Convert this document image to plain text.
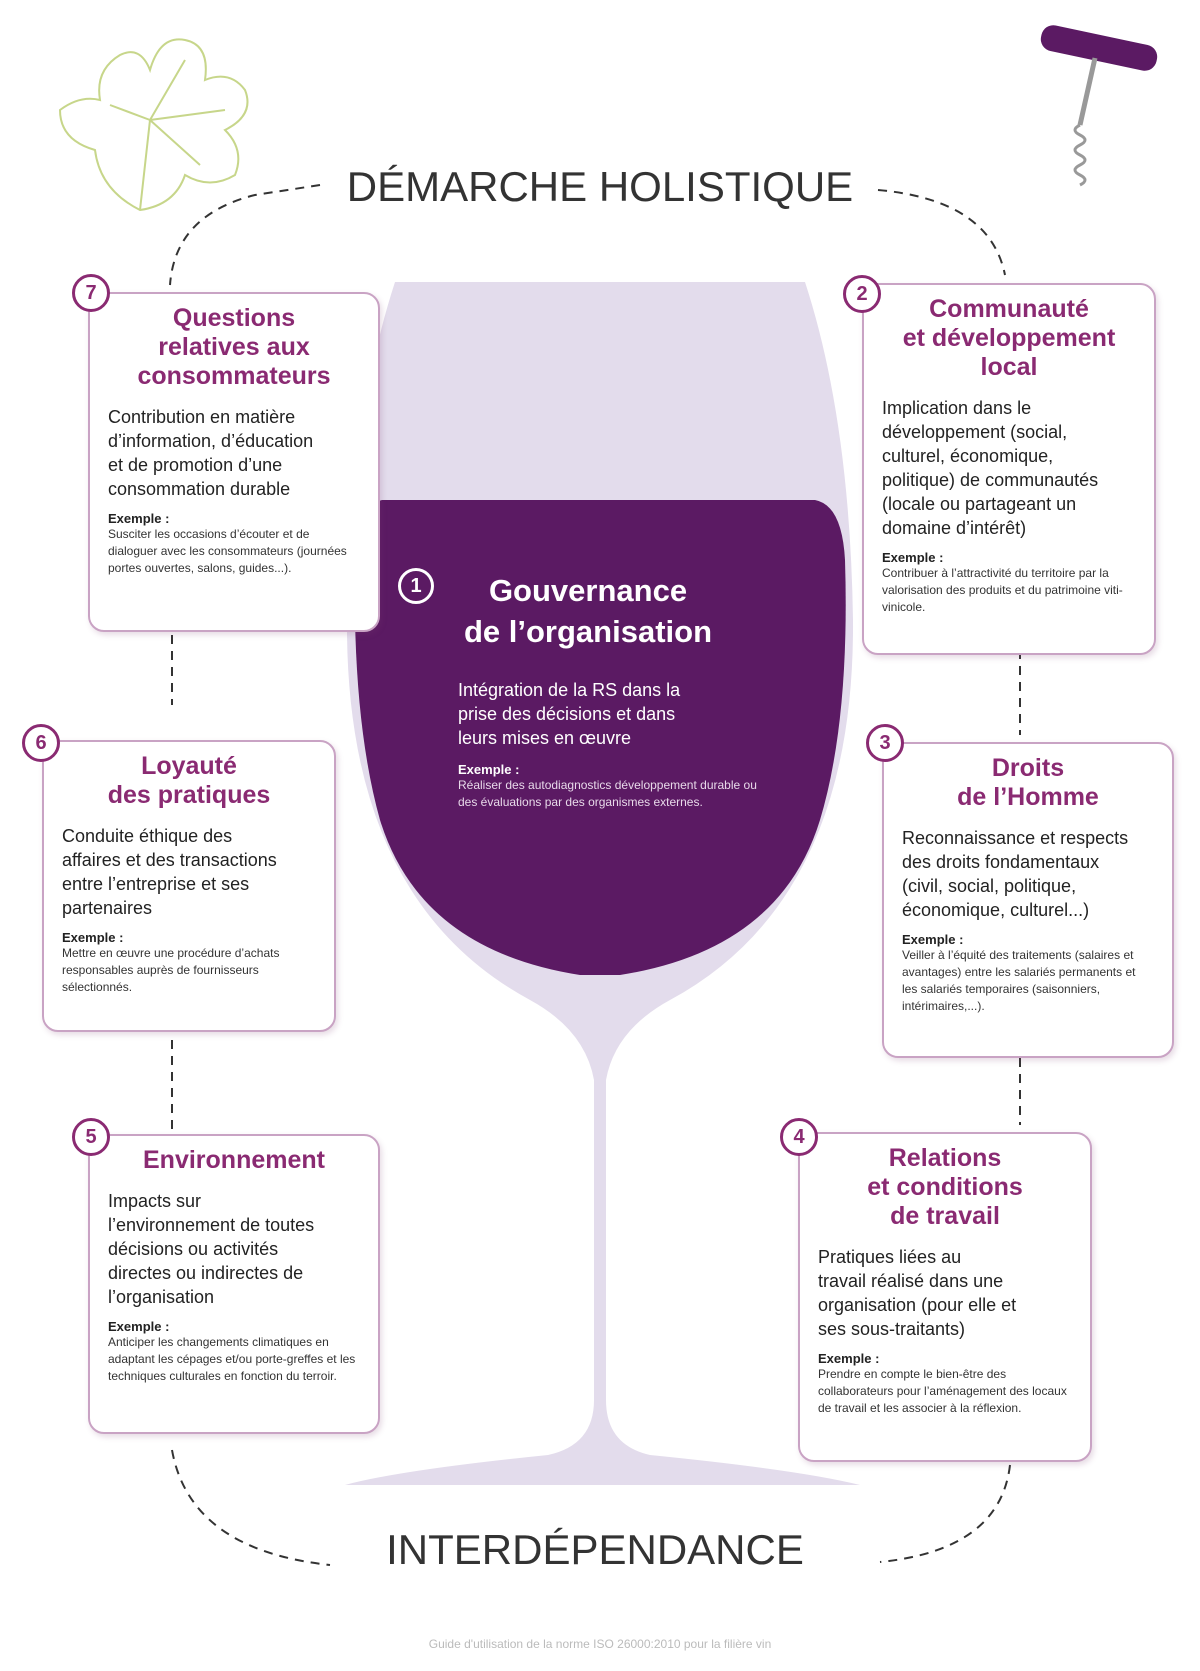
DÉMARCHE HOLISTIQUE
INTERDÉPENDANCE
1	Gouvernance
de l’organisation
Intégration de la RS dans la
prise des décisions et dans
leurs mises en œuvre
Exemple :
Réaliser des autodiagnostics développement durable ou des évaluations par des organismes externes.
Questions
relatives aux
consommateurs
Contribution en matière
d’information, d’éducation
et de promotion d’une
consommation durable
Exemple :
Susciter les occasions d’écouter et de dialoguer avec les consommateurs (journées portes ouvertes, salons, guides...).
7
Communauté
et développement
local
Implication dans le
développement (social,
culturel, économique,
politique) de communautés
(locale ou partageant un
domaine d’intérêt)
Exemple :
Contribuer à l’attractivité du territoire par la valorisation des produits et du patrimoine viti-vinicole.
2
Loyauté
des pratiques
Conduite éthique des
affaires et des transactions
entre l’entreprise et ses
partenaires
Exemple :
Mettre en œuvre une procédure d’achats responsables auprès de fournisseurs sélectionnés.
6
Droits
de l’Homme
Reconnaissance et respects
des droits fondamentaux
(civil, social, politique,
économique, culturel...)
Exemple :
Veiller à l’équité des traitements (salaires et avantages) entre les salariés permanents et les salariés temporaires (saisonniers, intérimaires,...).
3
Environnement
Impacts sur
l’environnement de toutes
décisions ou activités
directes ou indirectes de
l’organisation
Exemple :
Anticiper les changements climatiques en adaptant les cépages et/ou porte-greffes et les techniques culturales en fonction du terroir.
5
Relations
et conditions
de travail
Pratiques liées au
travail réalisé dans une
organisation (pour elle et
ses sous-traitants)
Exemple :
Prendre en compte le bien-être des collaborateurs pour l’aménagement des locaux de travail et les associer à la réflexion.
4
Guide d'utilisation de la norme ISO 26000:2010 pour la filière vin
